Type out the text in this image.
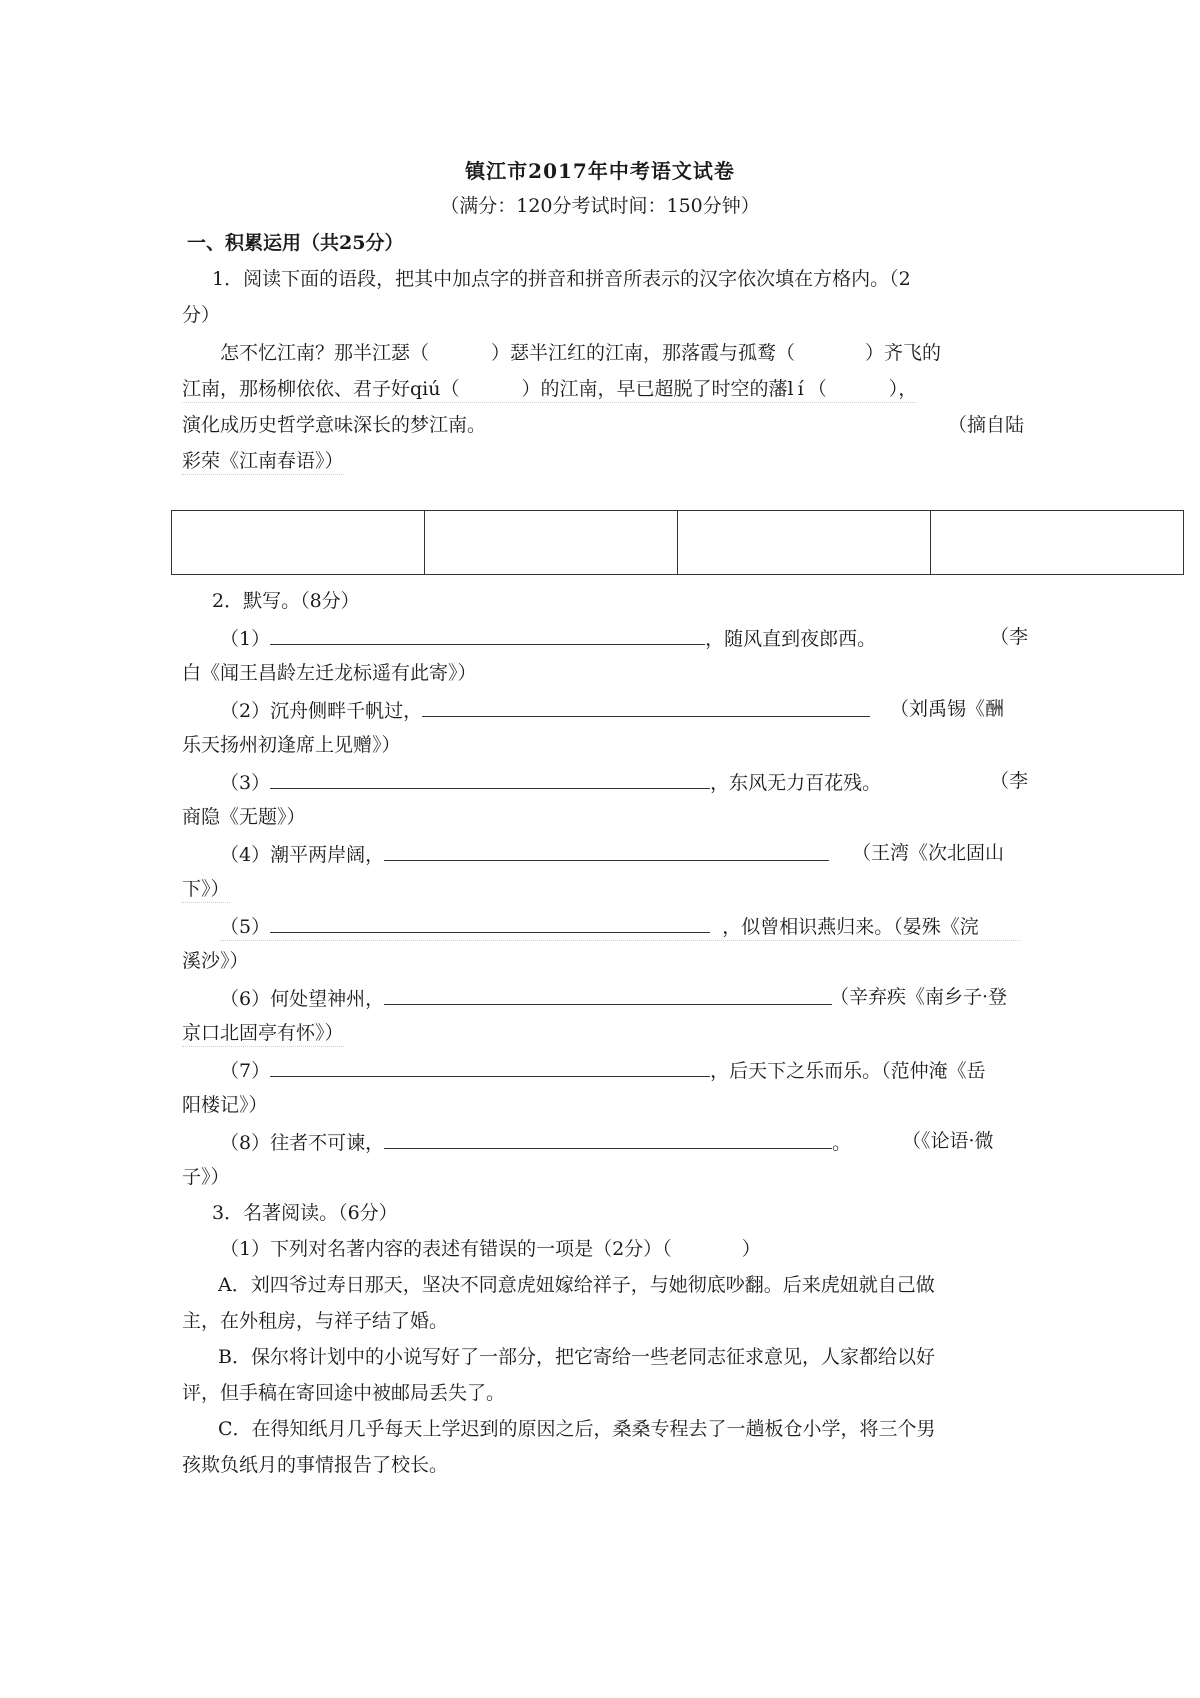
镇江市2017年中考语文试卷
（满分：120分考试时间：150分钟）
一、积累运用（共25分）
1．阅读下面的语段，把其中加点字的拼音和拼音所表示的汉字依次填在方格内。（2
分）
怎不忆江南？那半江瑟（	）瑟半江红的江南，那落霞与孤鹜（	）齐飞的
江南，那杨柳依依、君子好qiú（	）的江南，早已超脱了时空的藩lí（	），
演化成历史哲学意味深长的梦江南。	（摘自陆
彩荣《江南春语》）

2．默写。（8分）
（1）	，随风直到夜郎西。	（李
白《闻王昌龄左迁龙标遥有此寄》）
（2）沉舟侧畔千帆过，	（刘禹锡《酬
乐天扬州初逢席上见赠》）
（3）	，东风无力百花残。	（李
商隐《无题》）
（4）潮平两岸阔，	（王湾《次北固山
下》）
（5）	，似曾相识燕归来。（晏殊《浣
溪沙》）
（6）何处望神州，	（辛弃疾《南乡子·登
京口北固亭有怀》）
（7）	，后天下之乐而乐。（范仲淹《岳
阳楼记》）
（8）往者不可谏，	。	（《论语·微
子》）
3．名著阅读。（6分）
（1）下列对名著内容的表述有错误的一项是（2分）（	）
A．刘四爷过寿日那天，坚决不同意虎妞嫁给祥子，与她彻底吵翻。后来虎妞就自己做
主，在外租房，与祥子结了婚。
B．保尔将计划中的小说写好了一部分，把它寄给一些老同志征求意见，人家都给以好
评，但手稿在寄回途中被邮局丢失了。
C．在得知纸月几乎每天上学迟到的原因之后，桑桑专程去了一趟板仓小学，将三个男
孩欺负纸月的事情报告了校长。
